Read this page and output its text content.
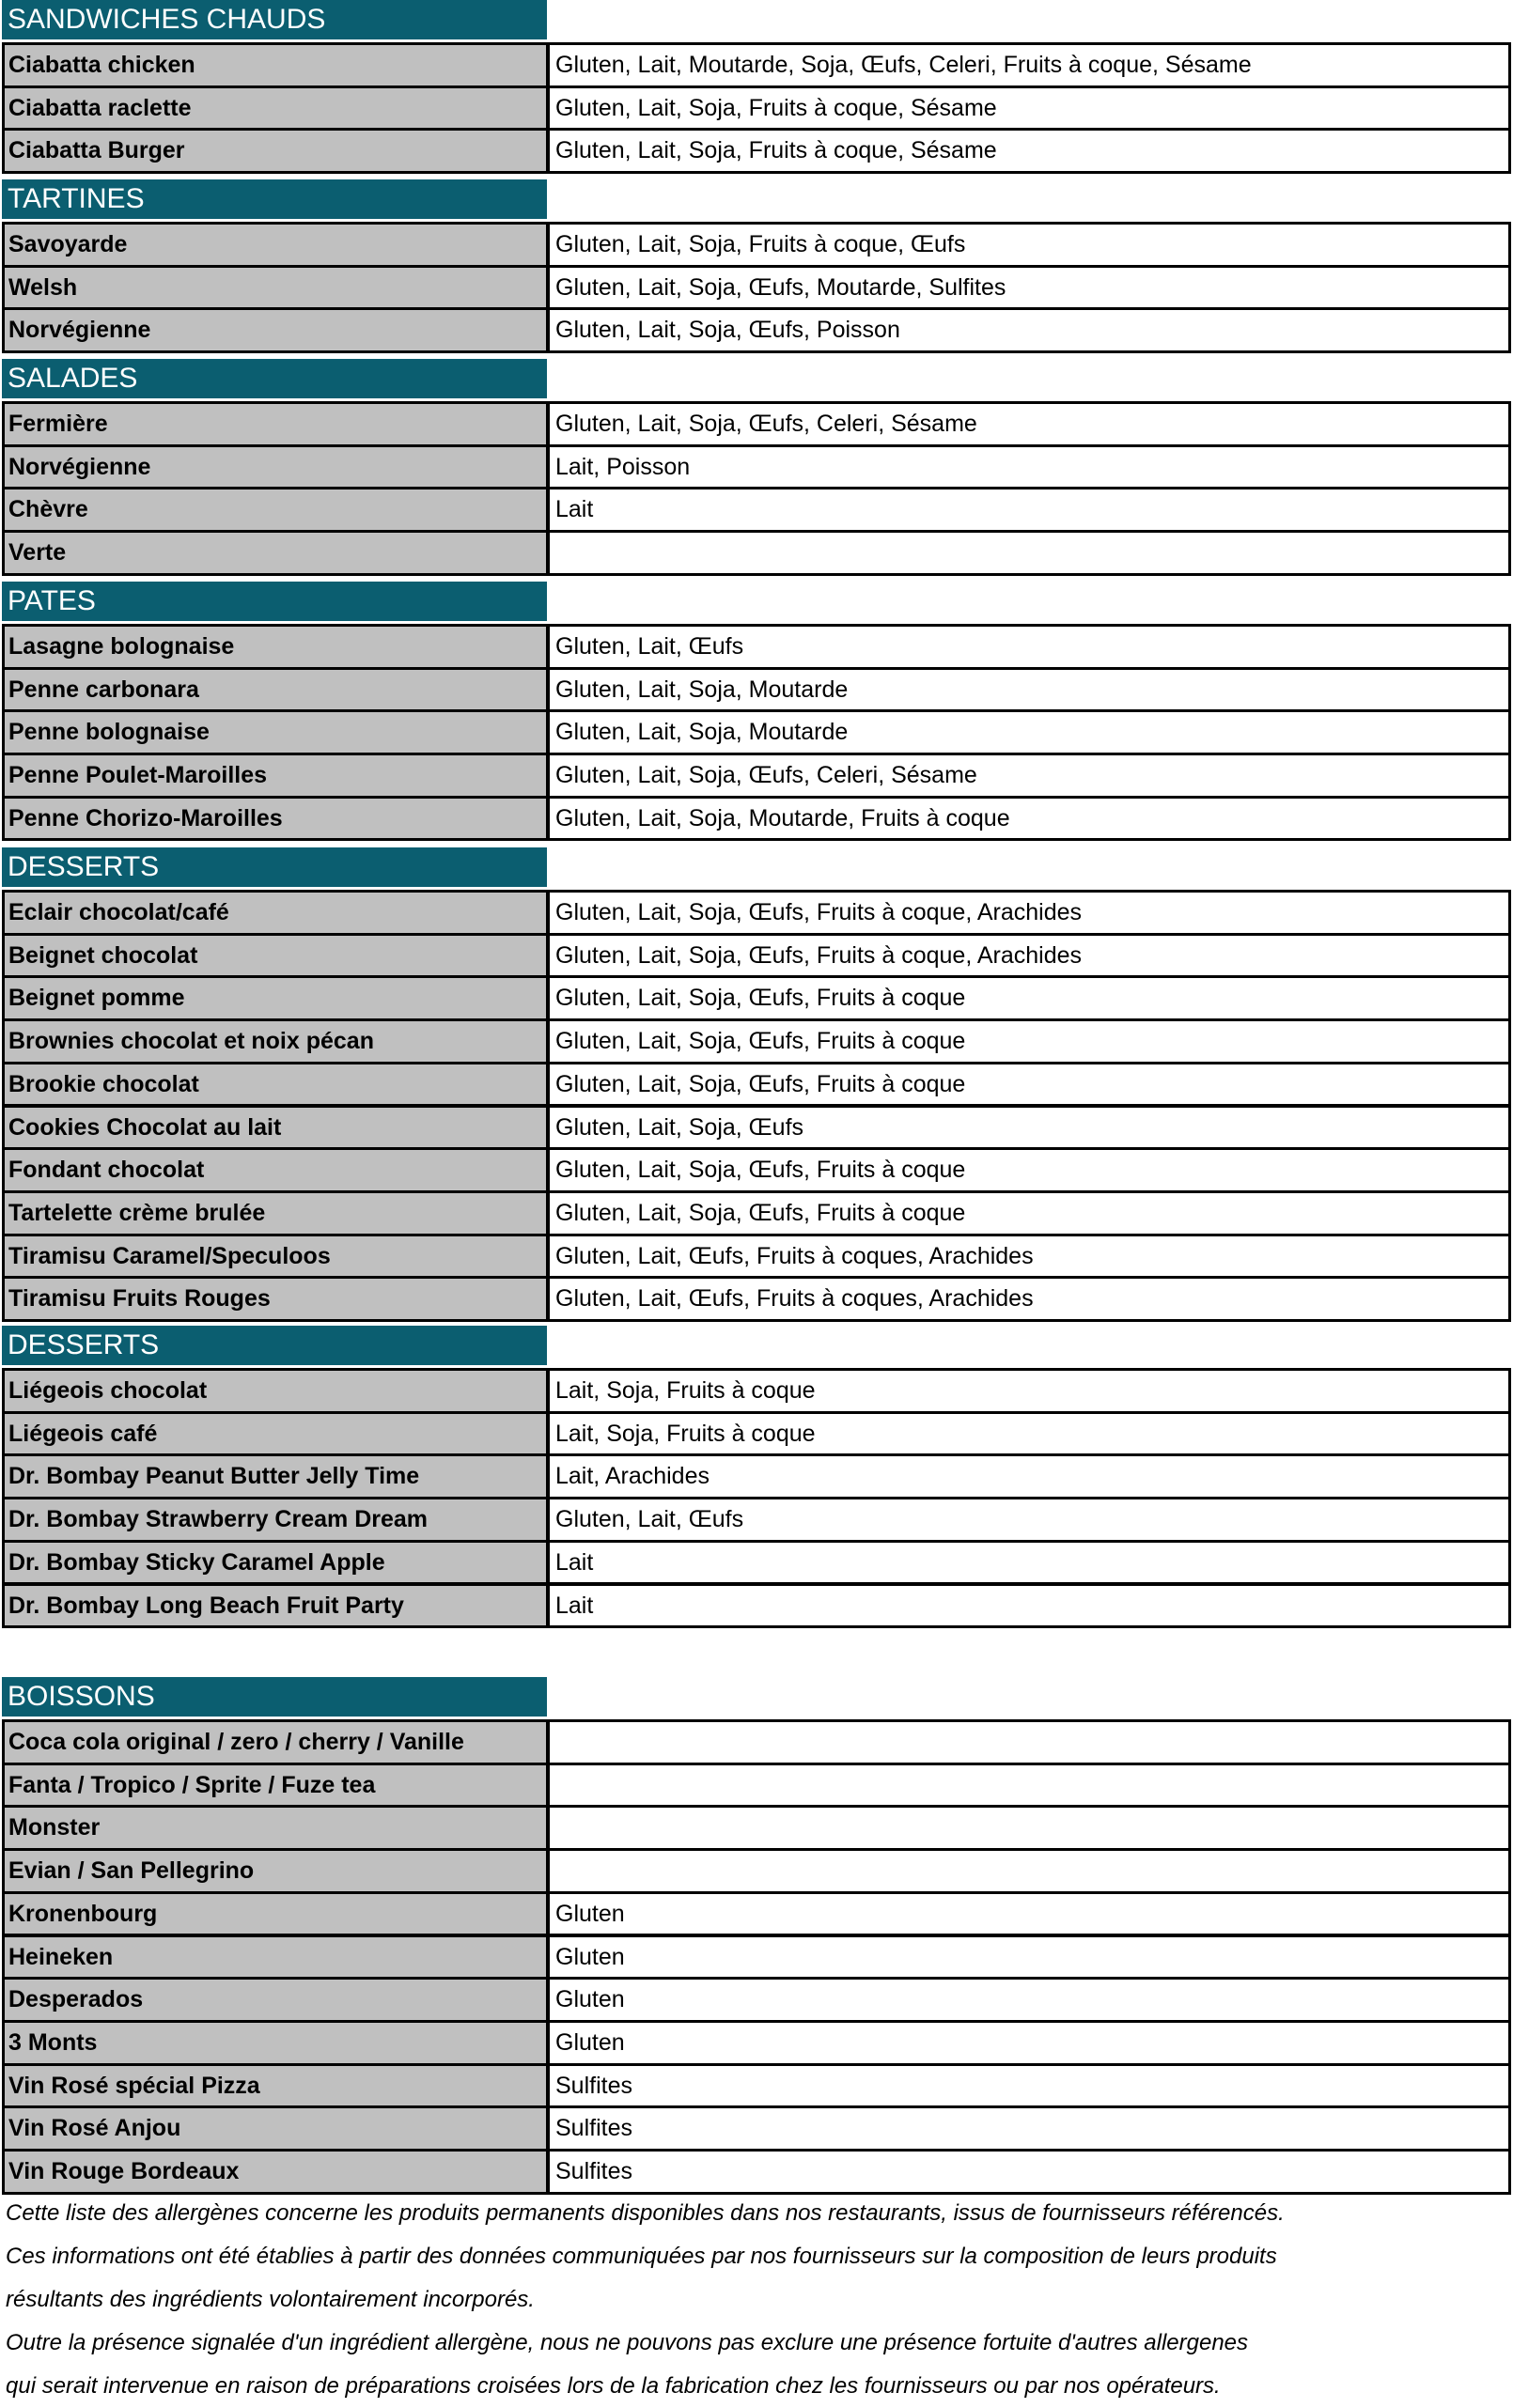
SANDWICHES CHAUDS
Ciabatta chicken	Gluten, Lait, Moutarde, Soja, Œufs, Celeri, Fruits à coque, Sésame
Ciabatta raclette	Gluten, Lait, Soja, Fruits à coque, Sésame
Ciabatta Burger	Gluten, Lait, Soja, Fruits à coque, Sésame
TARTINES
Savoyarde	Gluten, Lait, Soja, Fruits à coque, Œufs
Welsh	Gluten, Lait, Soja, Œufs, Moutarde, Sulfites
Norvégienne	Gluten, Lait, Soja, Œufs, Poisson
SALADES
Fermière	Gluten, Lait, Soja, Œufs, Celeri, Sésame
Norvégienne	Lait, Poisson
Chèvre	Lait
Verte
PATES
Lasagne bolognaise	Gluten, Lait, Œufs
Penne carbonara	Gluten, Lait, Soja, Moutarde
Penne bolognaise	Gluten, Lait, Soja, Moutarde
Penne Poulet-Maroilles	Gluten, Lait, Soja, Œufs, Celeri, Sésame
Penne Chorizo-Maroilles	Gluten, Lait, Soja, Moutarde, Fruits à coque
DESSERTS
Eclair chocolat/café	Gluten, Lait, Soja, Œufs, Fruits à coque, Arachides
Beignet chocolat	Gluten, Lait, Soja, Œufs, Fruits à coque, Arachides
Beignet pomme	Gluten, Lait, Soja, Œufs, Fruits à coque
Brownies chocolat et noix pécan	Gluten, Lait, Soja, Œufs, Fruits à coque
Brookie chocolat	Gluten, Lait, Soja, Œufs, Fruits à coque
Cookies Chocolat au lait	Gluten, Lait, Soja, Œufs
Fondant chocolat	Gluten, Lait, Soja, Œufs, Fruits à coque
Tartelette crème brulée	Gluten, Lait, Soja, Œufs, Fruits à coque
Tiramisu Caramel/Speculoos	Gluten, Lait, Œufs, Fruits à coques, Arachides
Tiramisu Fruits Rouges	Gluten, Lait, Œufs, Fruits à coques, Arachides
DESSERTS
Liégeois chocolat	Lait, Soja, Fruits à coque
Liégeois café	Lait, Soja, Fruits à coque
Dr. Bombay Peanut Butter Jelly Time	Lait, Arachides
Dr. Bombay Strawberry Cream Dream	Gluten, Lait, Œufs
Dr. Bombay Sticky Caramel Apple	Lait
Dr. Bombay Long Beach Fruit Party	Lait
BOISSONS
Coca cola original / zero / cherry / Vanille
Fanta / Tropico / Sprite / Fuze tea
Monster
Evian / San Pellegrino
Kronenbourg	Gluten
Heineken	Gluten
Desperados	Gluten
3 Monts	Gluten
Vin Rosé spécial Pizza	Sulfites
Vin Rosé Anjou	Sulfites
Vin Rouge Bordeaux	Sulfites
Cette liste des allergènes concerne les produits permanents disponibles dans nos restaurants, issus de fournisseurs référencés.
Ces informations ont été établies à partir des données communiquées par nos fournisseurs sur la composition de leurs produits
résultants des ingrédients volontairement incorporés.
Outre la présence signalée d'un ingrédient allergène, nous ne pouvons pas exclure une présence fortuite d'autres allergenes
qui serait intervenue en raison de préparations croisées lors de la fabrication chez les fournisseurs ou par nos opérateurs.
